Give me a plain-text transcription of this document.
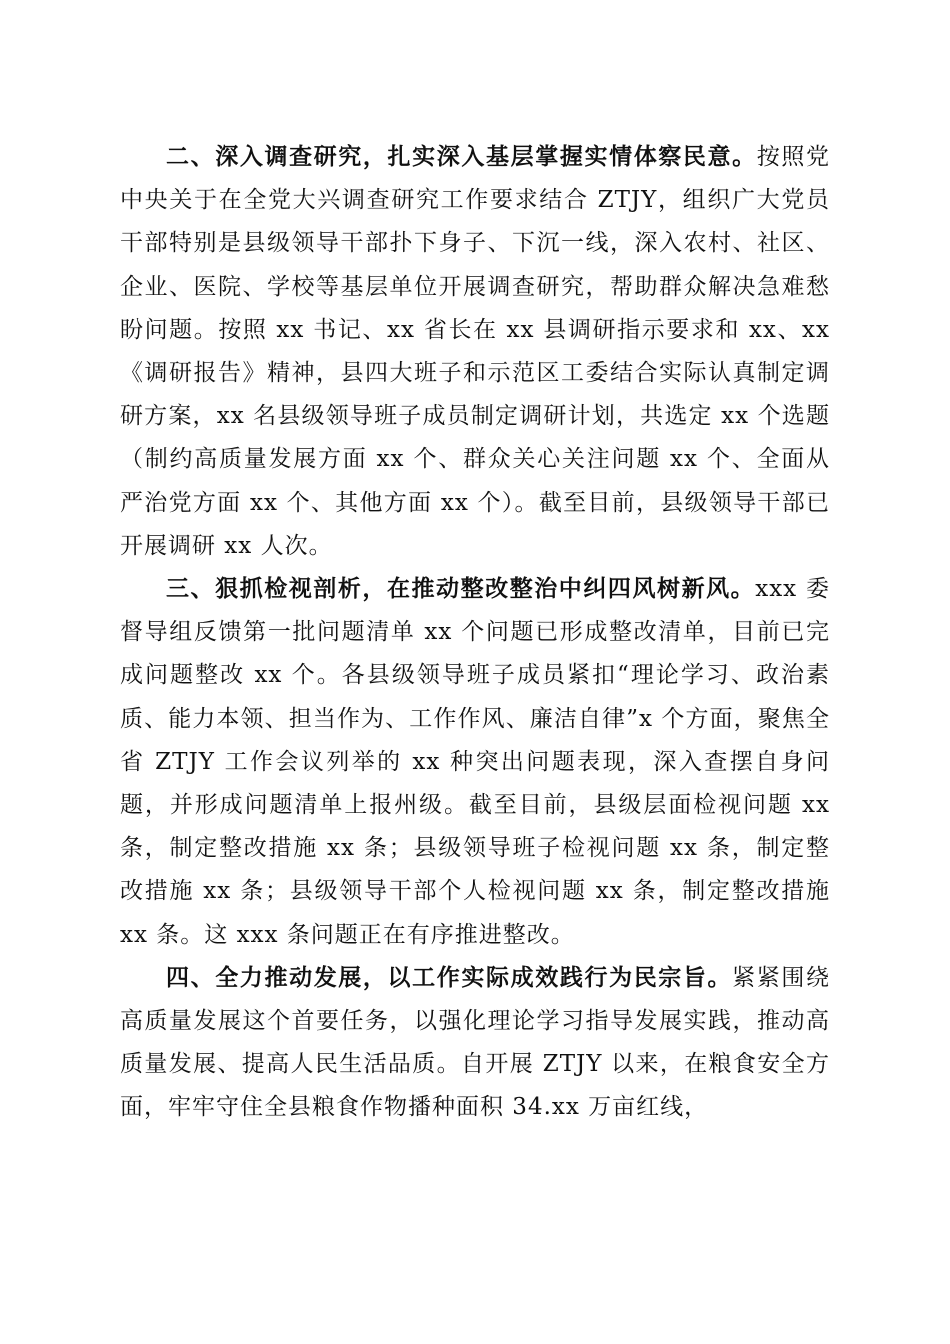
二、深入调查研究，扎实深入基层掌握实情体察民意。按照党中央关于在全党大兴调查研究工作要求结合 ZTJY，组织广大党员干部特别是县级领导干部扑下身子、下沉一线，深入农村、社区、企业、医院、学校等基层单位开展调查研究，帮助群众解决急难愁盼问题。按照 xx 书记、xx 省长在 xx 县调研指示要求和 xx、xx《调研报告》精神，县四大班子和示范区工委结合实际认真制定调研方案，xx 名县级领导班子成员制定调研计划，共选定 xx 个选题（制约高质量发展方面 xx 个、群众关心关注问题 xx 个、全面从严治党方面 xx 个、其他方面 xx 个）。截至目前，县级领导干部已开展调研 xx 人次。

三、狠抓检视剖析，在推动整改整治中纠四风树新风。xxx 委督导组反馈第一批问题清单 xx 个问题已形成整改清单，目前已完成问题整改 xx 个。各县级领导班子成员紧扣“理论学习、政治素质、能力本领、担当作为、工作作风、廉洁自律”x 个方面，聚焦全省 ZTJY 工作会议列举的 xx 种突出问题表现，深入查摆自身问题，并形成问题清单上报州级。截至目前，县级层面检视问题 xx 条，制定整改措施 xx 条；县级领导班子检视问题 xx 条，制定整改措施 xx 条；县级领导干部个人检视问题 xx 条，制定整改措施 xx 条。这 xxx 条问题正在有序推进整改。

四、全力推动发展，以工作实际成效践行为民宗旨。紧紧围绕高质量发展这个首要任务，以强化理论学习指导发展实践，推动高质量发展、提高人民生活品质。自开展 ZTJY 以来，在粮食安全方面，牢牢守住全县粮食作物播种面积 34.xx 万亩红线，
